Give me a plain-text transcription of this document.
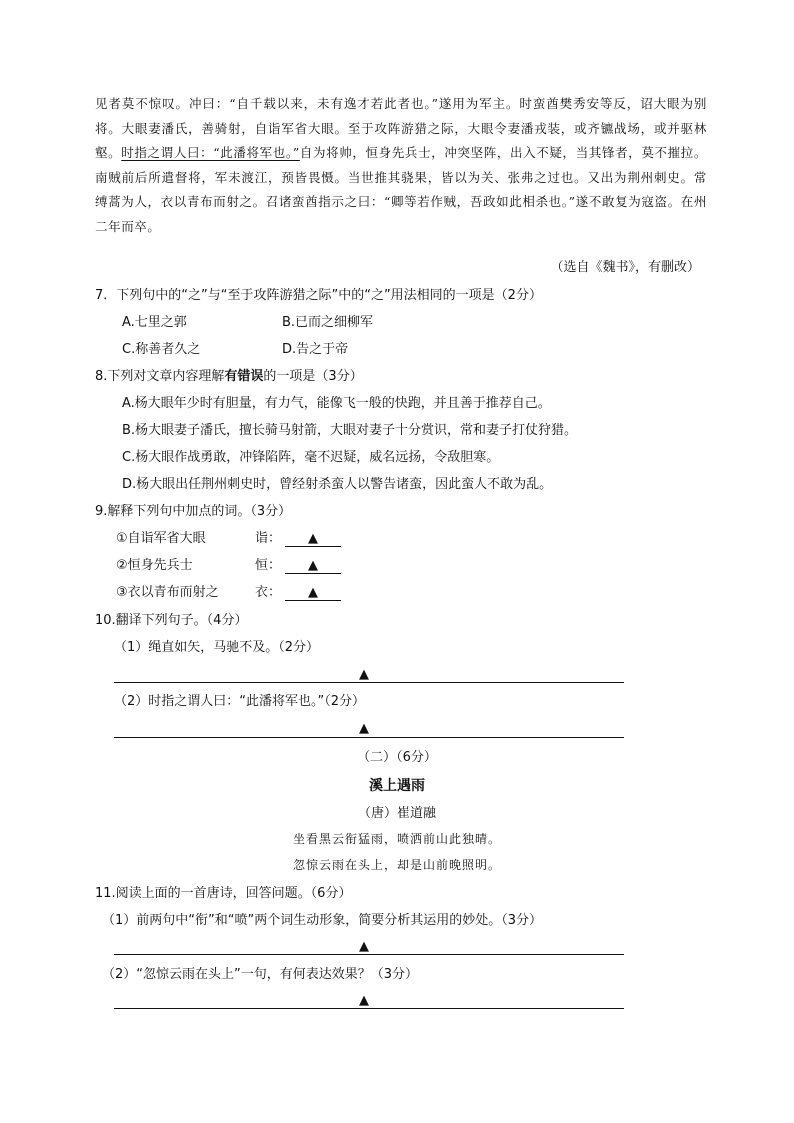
见者莫不惊叹。冲曰：“自千载以来，未有逸才若此者也。”遂用为军主。时蛮酋樊秀安等反，诏大眼为别将。大眼妻潘氏，善骑射，自诣军省大眼。至于攻阵游猎之际，大眼令妻潘戎装，或齐镳战场，或并驱林壑。时指之谓人曰：“此潘将军也。”自为将帅，恒身先兵士，冲突坚阵，出入不疑，当其锋者，莫不摧拉。南贼前后所遣督将，军未渡江，预皆畏慑。当世推其骁果，皆以为关、张弗之过也。又出为荆州刺史。常缚蒿为人，衣以青布而射之。召诸蛮酋指示之曰：“卿等若作贼，吾政如此相杀也。”遂不敢复为寇盗。在州二年而卒。
（选自《魏书》，有删改）
7．下列句中的“之”与“至于攻阵游猎之际”中的“之”用法相同的一项是（2分）
A.七里之郭	B.已而之细柳军
C.称善者久之	D.告之于帝
8.下列对文章内容理解有错误的一项是（3分）
A.杨大眼年少时有胆量，有力气，能像飞一般的快跑，并且善于推荐自己。
B.杨大眼妻子潘氏，擅长骑马射箭，大眼对妻子十分赏识，常和妻子打仗狩猎。
C.杨大眼作战勇敢，冲锋陷阵，毫不迟疑，威名远扬，令敌胆寒。
D.杨大眼出任荆州刺史时，曾经射杀蛮人以警告诸蛮，因此蛮人不敢为乱。
9.解释下列句中加点的词。（3分）
①自诣军省大眼	诣： ▲
②恒身先兵士	恒： ▲
③衣以青布而射之	衣： ▲
10.翻译下列句子。（4分）
（1）绳直如矢，马驰不及。（2分）
▲
（2）时指之谓人曰：“此潘将军也。”（2分）
▲
（二）（6分）
溪上遇雨
（唐）崔道融
坐看黑云衔猛雨，喷洒前山此独晴。
忽惊云雨在头上，却是山前晚照明。
11.阅读上面的一首唐诗，回答问题。（6分）
（1）前两句中“衔”和“喷”两个词生动形象，简要分析其运用的妙处。（3分）
▲
（2）“忽惊云雨在头上”一句，有何表达效果？（3分）
▲
